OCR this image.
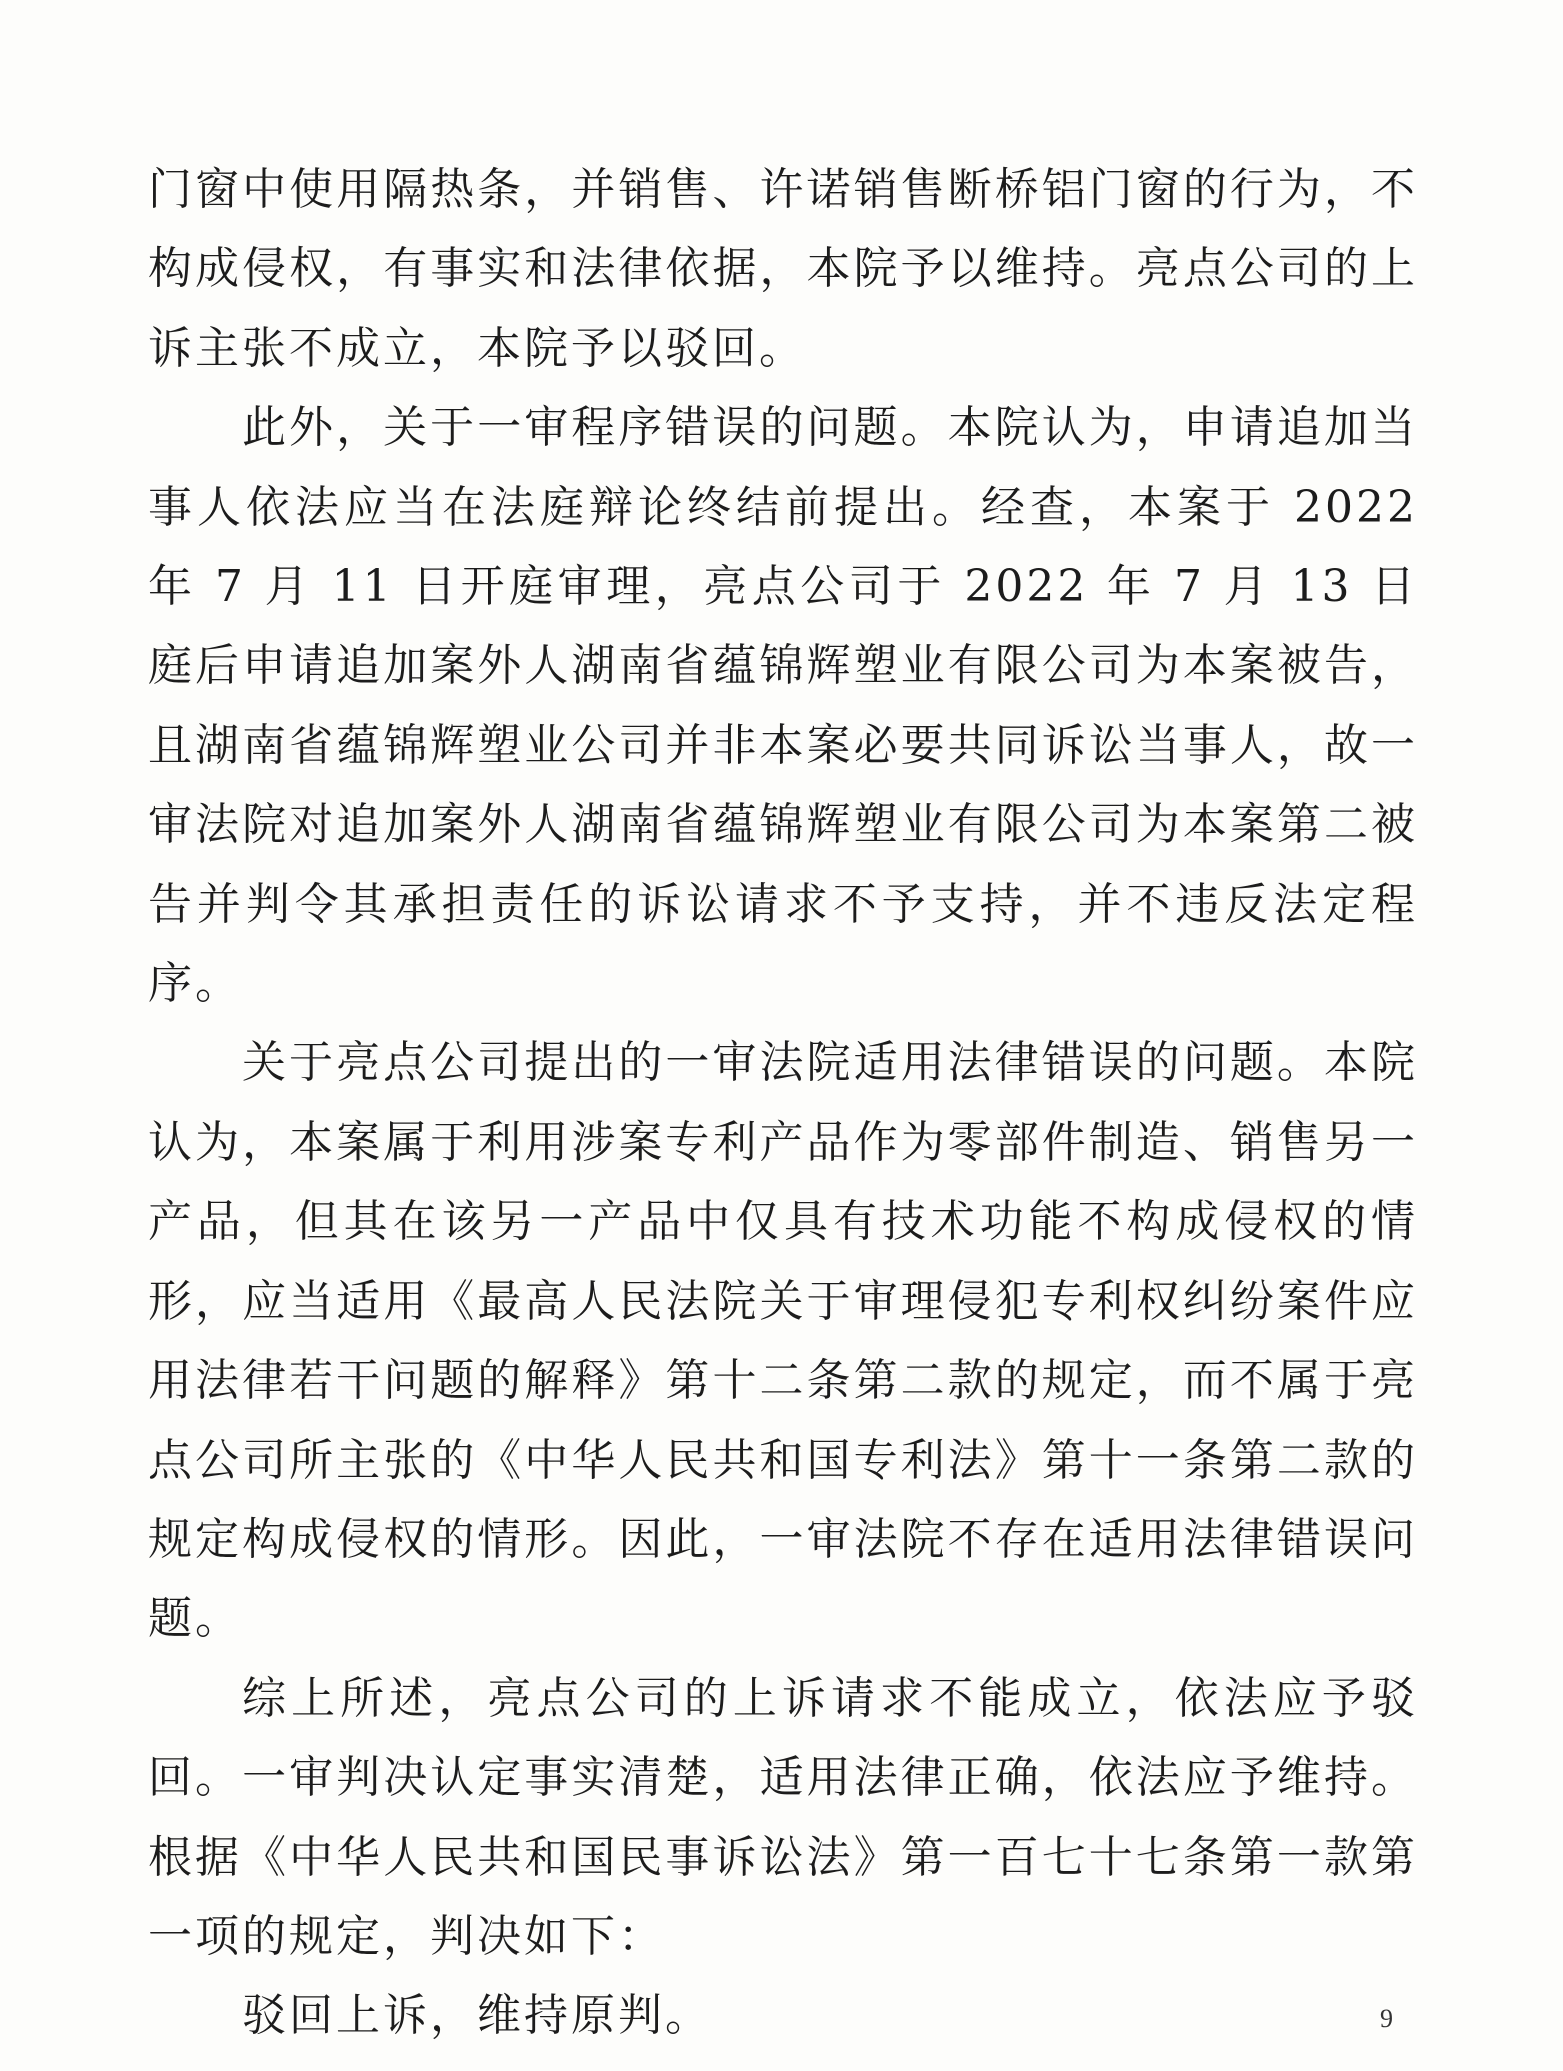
门窗中使用隔热条，并销售、许诺销售断桥铝门窗的行为，不构成侵权，有事实和法律依据，本院予以维持。亮点公司的上诉主张不成立，本院予以驳回。

此外，关于一审程序错误的问题。本院认为，申请追加当事人依法应当在法庭辩论终结前提出。经查，本案于 2022 年 7 月 11 日开庭审理，亮点公司于 2022 年 7 月 13 日庭后申请追加案外人湖南省蕴锦辉塑业有限公司为本案被告，且湖南省蕴锦辉塑业公司并非本案必要共同诉讼当事人，故一审法院对追加案外人湖南省蕴锦辉塑业有限公司为本案第二被告并判令其承担责任的诉讼请求不予支持，并不违反法定程序。

关于亮点公司提出的一审法院适用法律错误的问题。本院认为，本案属于利用涉案专利产品作为零部件制造、销售另一产品，但其在该另一产品中仅具有技术功能不构成侵权的情形，应当适用《最高人民法院关于审理侵犯专利权纠纷案件应用法律若干问题的解释》第十二条第二款的规定，而不属于亮点公司所主张的《中华人民共和国专利法》第十一条第二款的规定构成侵权的情形。因此，一审法院不存在适用法律错误问题。

综上所述，亮点公司的上诉请求不能成立，依法应予驳回。一审判决认定事实清楚，适用法律正确，依法应予维持。根据《中华人民共和国民事诉讼法》第一百七十七条第一款第一项的规定，判决如下：

驳回上诉，维持原判。	9
